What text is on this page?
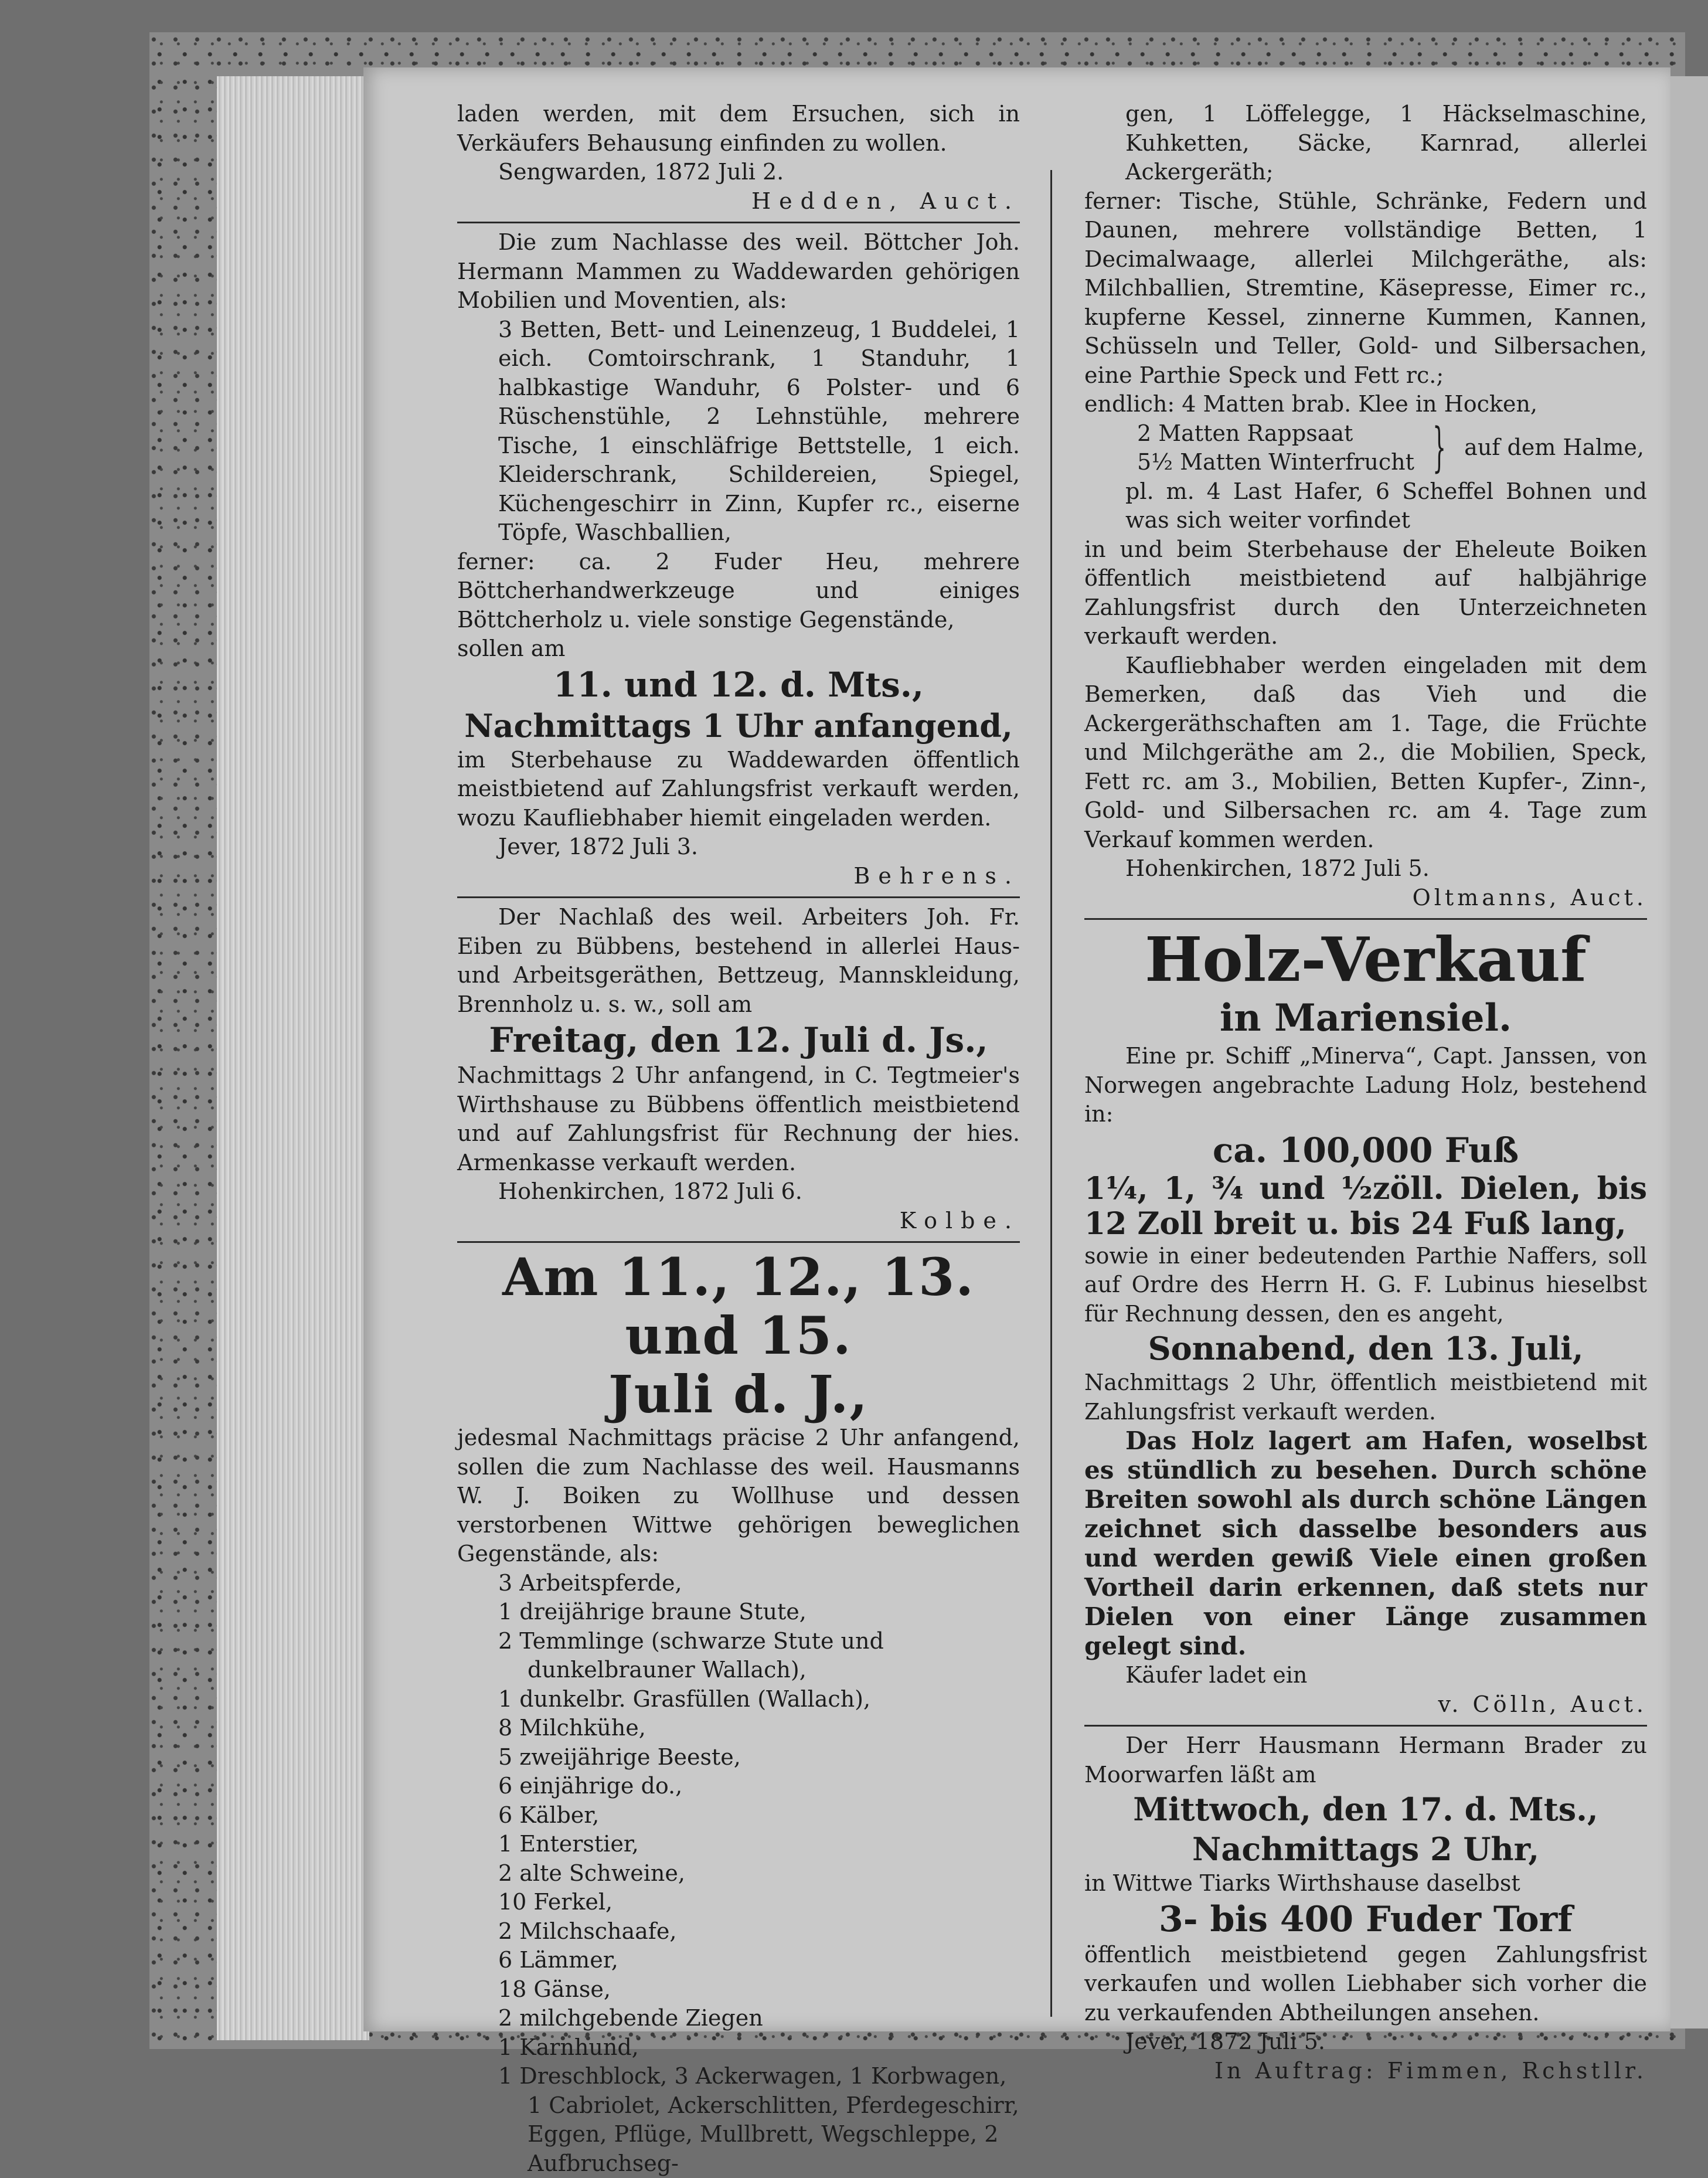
laden werden, mit dem Ersuchen, sich in Verkäufers Behausung einfinden zu wollen.

Sengwarden, 1872 Juli 2.

Hedden, Auct.

Die zum Nachlasse des weil. Böttcher Joh. Hermann Mammen zu Waddewarden gehörigen Mobilien und Moventien, als:

3 Betten, Bett- und Leinenzeug, 1 Buddelei, 1 eich. Comtoirschrank, 1 Standuhr, 1 halbkastige Wanduhr, 6 Polster- und 6 Rüschenstühle, 2 Lehnstühle, mehrere Tische, 1 einschläfrige Bettstelle, 1 eich. Kleiderschrank, Schildereien, Spiegel, Küchengeschirr in Zinn, Kupfer rc., eiserne Töpfe, Waschballien,

ferner: ca. 2 Fuder Heu, mehrere Böttcherhandwerkzeuge und einiges Böttcherholz u. viele sonstige Gegenstände,

sollen am

11. und 12. d. Mts.,
Nachmittags 1 Uhr anfangend,

im Sterbehause zu Waddewarden öffentlich meistbietend auf Zahlungsfrist verkauft werden, wozu Kaufliebhaber hiemit eingeladen werden.

Jever, 1872 Juli 3.

Behrens.

Der Nachlaß des weil. Arbeiters Joh. Fr. Eiben zu Bübbens, bestehend in allerlei Haus- und Arbeitsgeräthen, Bettzeug, Mannskleidung, Brennholz u. s. w., soll am

Freitag, den 12. Juli d. Js.,

Nachmittags 2 Uhr anfangend, in C. Tegtmeier's Wirthshause zu Bübbens öffentlich meistbietend und auf Zahlungsfrist für Rechnung der hies. Armenkasse verkauft werden.

Hohenkirchen, 1872 Juli 6.

Kolbe.

Am 11., 12., 13. und 15.
Juli d. J.,

jedesmal Nachmittags präcise 2 Uhr anfangend, sollen die zum Nachlasse des weil. Hausmanns W. J. Boiken zu Wollhuse und dessen verstorbenen Wittwe gehörigen beweglichen Gegenstände, als:

3 Arbeitspferde,
1 dreijährige braune Stute,
2 Temmlinge (schwarze Stute und dunkelbrauner Wallach),
1 dunkelbr. Grasfüllen (Wallach),
8 Milchkühe,
5 zweijährige Beeste,
6 einjährige do.,
6 Kälber,
1 Enterstier,
2 alte Schweine,
10 Ferkel,
2 Milchschaafe,
6 Lämmer,
18 Gänse,
2 milchgebende Ziegen
1 Karnhund,
1 Dreschblock, 3 Ackerwagen, 1 Korbwagen, 1 Cabriolet, Ackerschlitten, Pferdegeschirr, Eggen, Pflüge, Mullbrett, Wegschleppe, 2 Aufbruchseg-

gen, 1 Löffelegge, 1 Häckselmaschine, Kuhketten, Säcke, Karnrad, allerlei Ackergeräth;

ferner: Tische, Stühle, Schränke, Federn und Daunen, mehrere vollständige Betten, 1 Decimalwaage, allerlei Milchgeräthe, als: Milchballien, Stremtine, Käsepresse, Eimer rc., kupferne Kessel, zinnerne Kummen, Kannen, Schüsseln und Teller, Gold- und Silbersachen, eine Parthie Speck und Fett rc.;

endlich: 4 Matten brab. Klee in Hocken,

2 Matten Rappsaat
5½ Matten Winterfrucht } auf dem Halme,

pl. m. 4 Last Hafer, 6 Scheffel Bohnen und was sich weiter vorfindet

in und beim Sterbehause der Eheleute Boiken öffentlich meistbietend auf halbjährige Zahlungsfrist durch den Unterzeichneten verkauft werden.

Kaufliebhaber werden eingeladen mit dem Bemerken, daß das Vieh und die Ackergeräthschaften am 1. Tage, die Früchte und Milchgeräthe am 2., die Mobilien, Speck, Fett rc. am 3., Mobilien, Betten Kupfer-, Zinn-, Gold- und Silbersachen rc. am 4. Tage zum Verkauf kommen werden.

Hohenkirchen, 1872 Juli 5.

Oltmanns, Auct.

Holz-Verkauf
in Mariensiel.

Eine pr. Schiff „Minerva“, Capt. Janssen, von Norwegen angebrachte Ladung Holz, bestehend in:

ca. 100,000 Fuß

1¼, 1, ¾ und ½zöll. Dielen, bis 12 Zoll breit u. bis 24 Fuß lang,

sowie in einer bedeutenden Parthie Naffers, soll auf Ordre des Herrn H. G. F. Lubinus hieselbst für Rechnung dessen, den es angeht,

Sonnabend, den 13. Juli,

Nachmittags 2 Uhr, öffentlich meistbietend mit Zahlungsfrist verkauft werden.

Das Holz lagert am Hafen, woselbst es stündlich zu besehen. Durch schöne Breiten sowohl als durch schöne Längen zeichnet sich dasselbe besonders aus und werden gewiß Viele einen großen Vortheil darin erkennen, daß stets nur Dielen von einer Länge zusammen gelegt sind.

Käufer ladet ein

v. Cölln, Auct.

Der Herr Hausmann Hermann Brader zu Moorwarfen läßt am

Mittwoch, den 17. d. Mts.,
Nachmittags 2 Uhr,

in Wittwe Tiarks Wirthshause daselbst

3- bis 400 Fuder Torf

öffentlich meistbietend gegen Zahlungsfrist verkaufen und wollen Liebhaber sich vorher die zu verkaufenden Abtheilungen ansehen.

Jever, 1872 Juli 5.

In Auftrag: Fimmen, Rchstllr.
